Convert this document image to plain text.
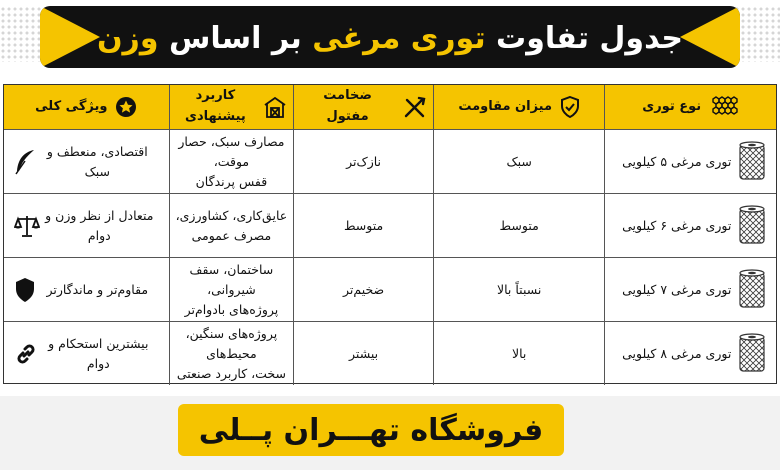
جدول تفاوت

توری مرغی

بر اساس

وزن
نوع توری
میزان مقاومت
ضخامت مفتول
کاربرد پیشنهادی
ویژگی کلی
توری مرغی ۵ کیلویی
سبک
نازک‌تر
مصارف سبک، حصار موقت،
قفس پرندگان
اقتصادی، منعطف و سبک
توری مرغی ۶ کیلویی
متوسط
متوسط
عایق‌کاری، کشاورزی،
مصرف عمومی
متعادل از نظر وزن و دوام
توری مرغی ۷ کیلویی
نسبتاً بالا
ضخیم‌تر
ساختمان، سقف شیروانی،
پروژه‌های بادوام‌تر
مقاوم‌تر و ماندگارتر
توری مرغی ۸ کیلویی
بالا
بیشتر
پروژه‌های سنگین، محیط‌های
سخت، کاربرد صنعتی
بیشترین استحکام و دوام
فروشگاه تهـــران پــلی
